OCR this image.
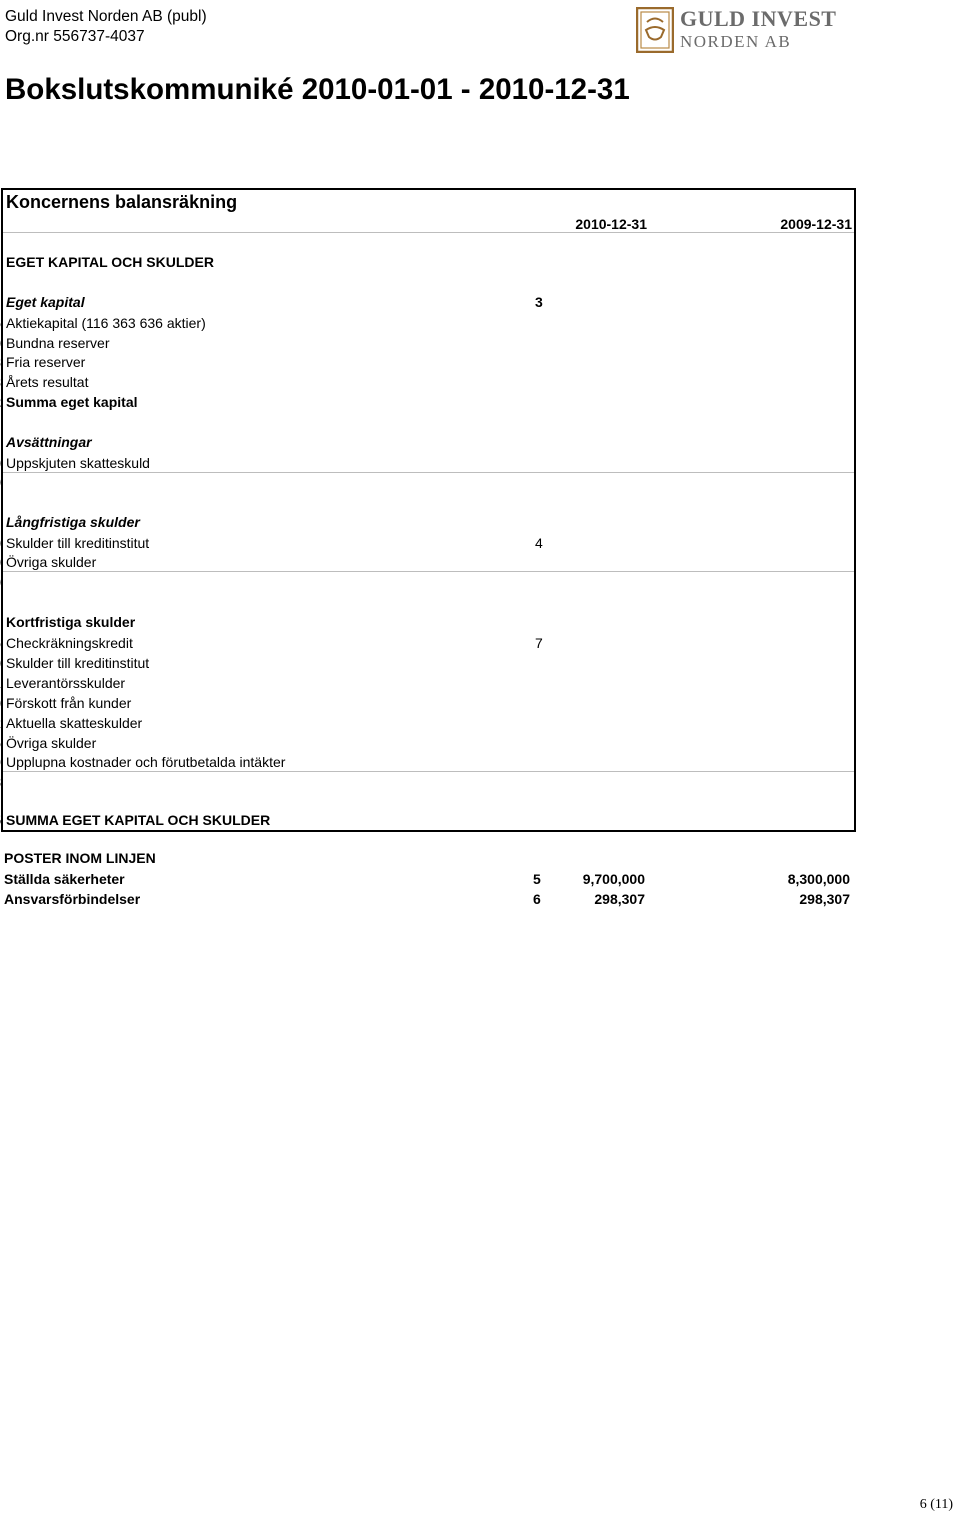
Guld Invest Norden AB (publ)
Org.nr 556737-4037
GULD INVEST
NORDEN AB
Bokslutskommuniké 2010-01-01 - 2010-12-31
Koncernens balansräkning
2010-12-31	2009-12-31
EGET KAPITAL OCH SKULDER
Eget kapital	3
Aktiekapital (116 363 636 aktier)
Bundna reserver
Fria reserver
Årets resultat
Summa eget kapital
Avsättningar
Uppskjuten skatteskuld
Långfristiga skulder
Skulder till kreditinstitut	4
Övriga skulder
Kortfristiga skulder
Checkräkningskredit	7
Skulder till kreditinstitut
Leverantörsskulder
Förskott från kunder
Aktuella skatteskulder
Övriga skulder
Upplupna kostnader och förutbetalda intäkter
SUMMA EGET KAPITAL OCH SKULDER
POSTER INOM LINJEN
Ställda säkerheter	5	9,700,000	8,300,000
Ansvarsförbindelser	6	298,307	298,307
6 (11)
